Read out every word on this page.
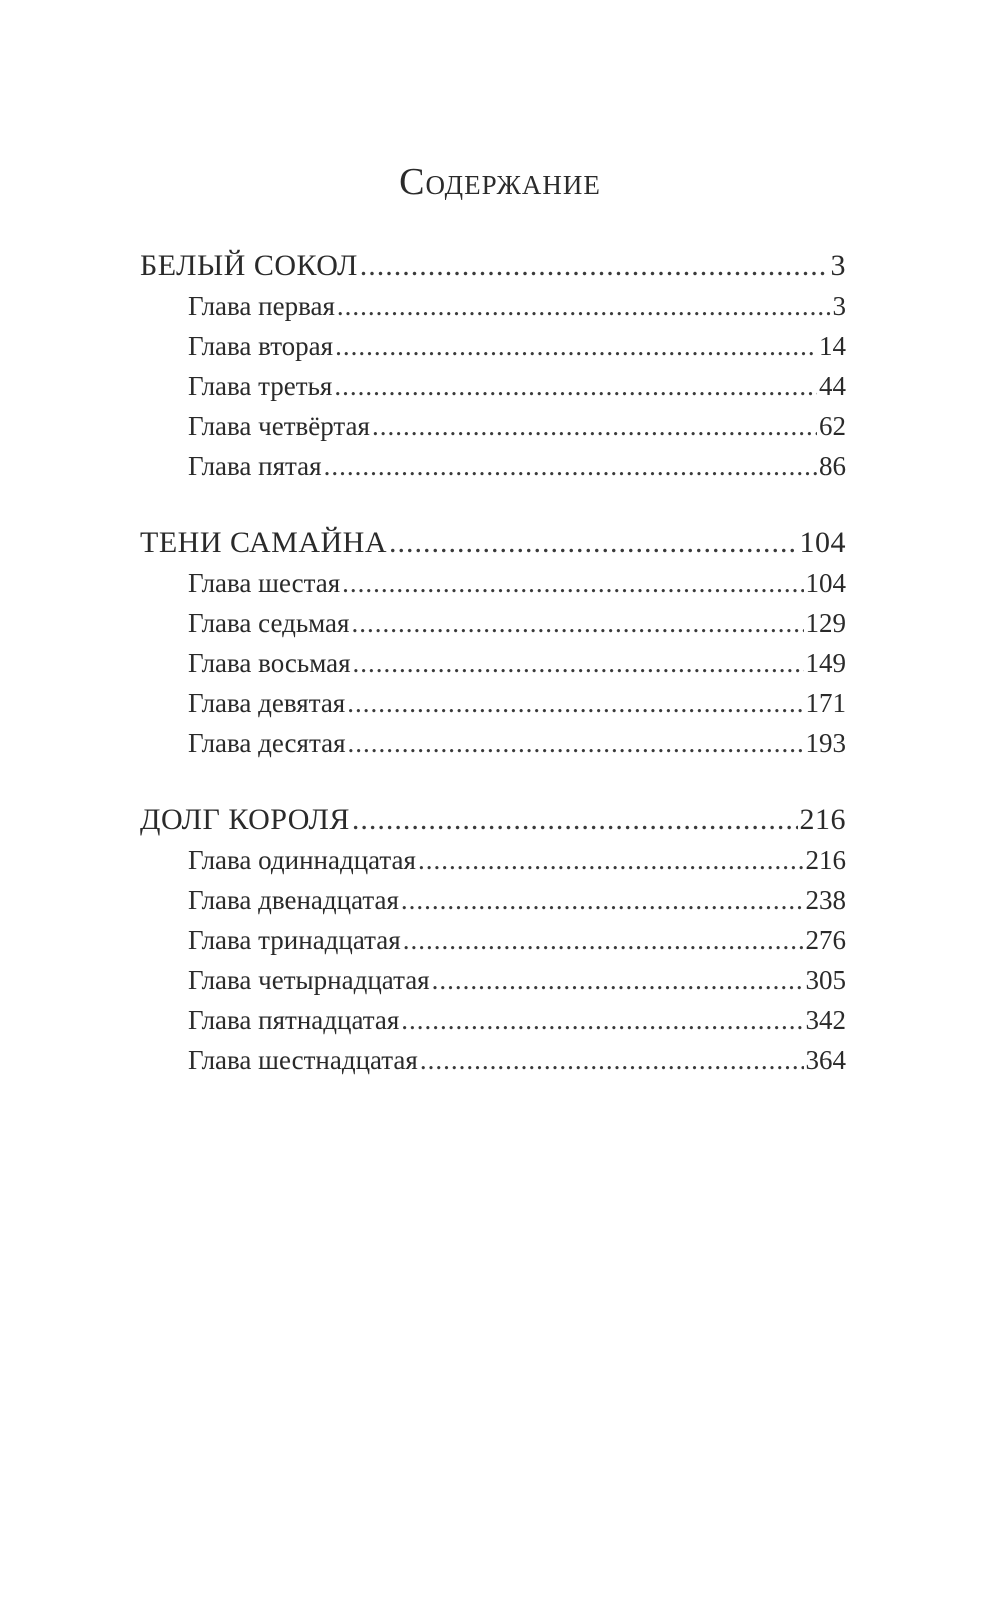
Содержание
БЕЛЫЙ СОКОЛ .....	3
Глава первая .....	3
Глава вторая .....	14
Глава третья .....	44
Глава четвёртая .....	62
Глава пятая .....	86
ТЕНИ САМАЙНА .....	104
Глава шестая .....	104
Глава седьмая .....	129
Глава восьмая .....	149
Глава девятая .....	171
Глава десятая .....	193
ДОЛГ КОРОЛЯ .....	216
Глава одиннадцатая .....	216
Глава двенадцатая .....	238
Глава тринадцатая .....	276
Глава четырнадцатая .....	305
Глава пятнадцатая .....	342
Глава шестнадцатая .....	364
